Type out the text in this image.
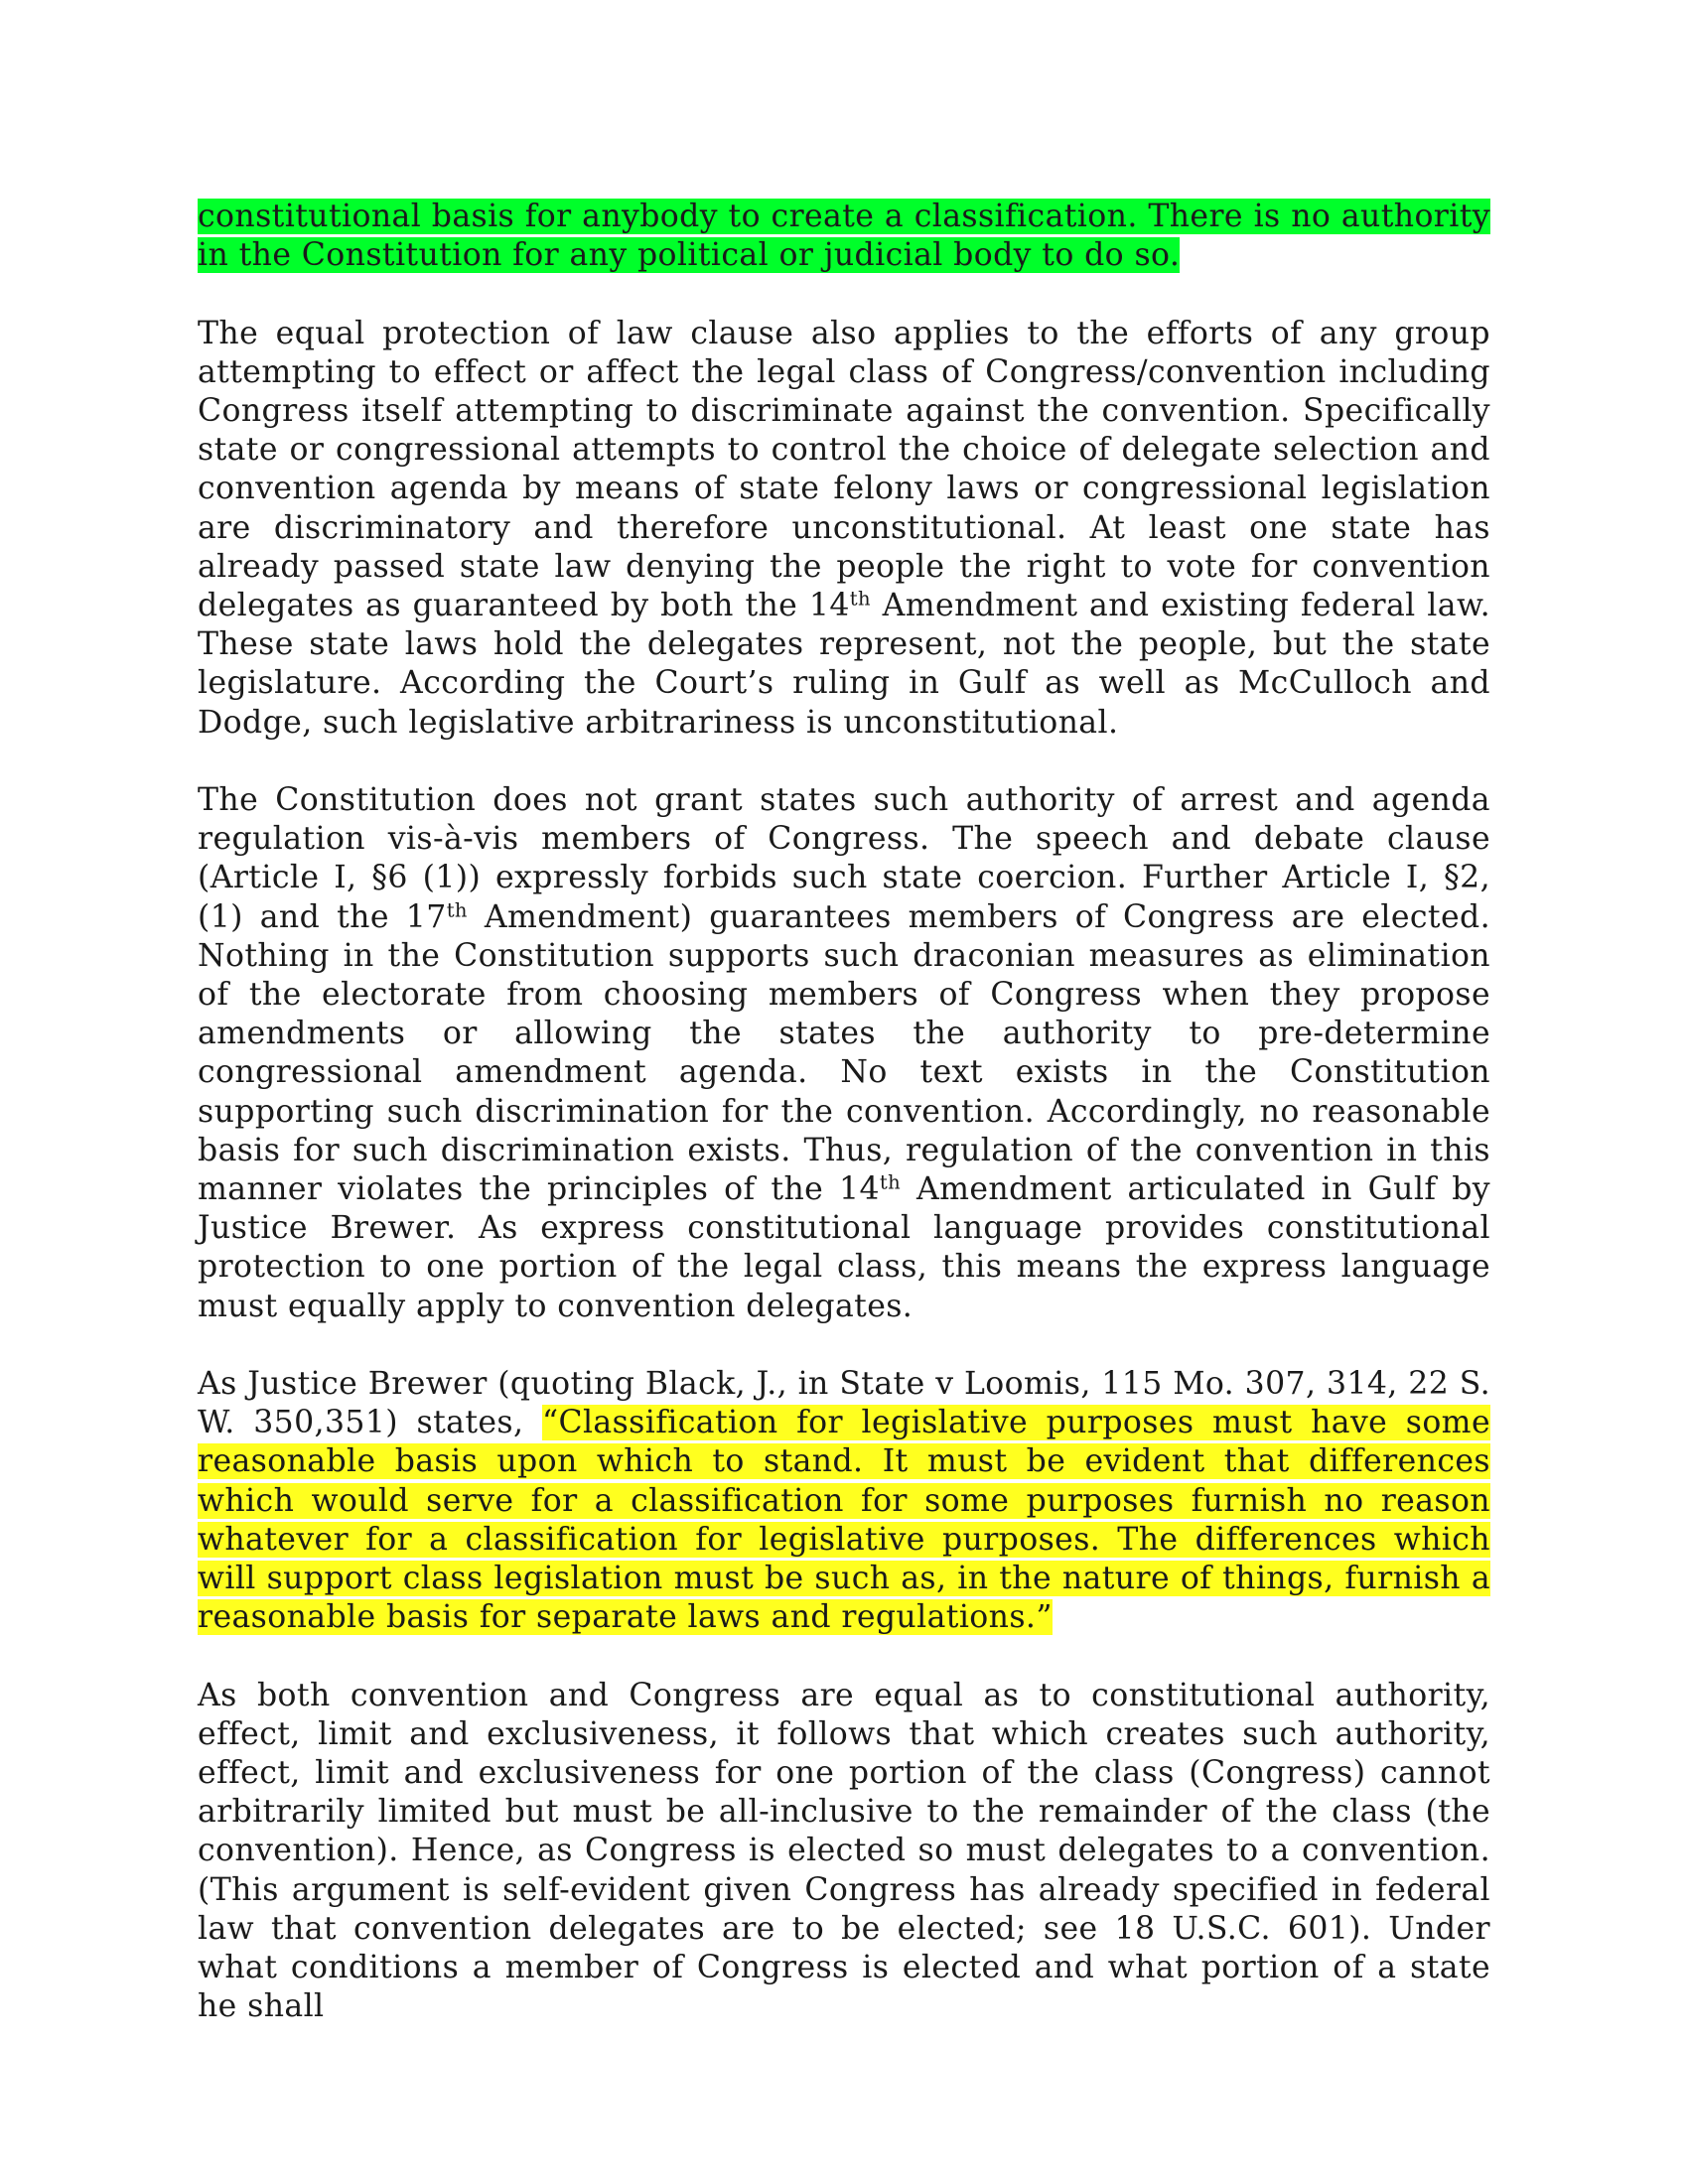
constitutional basis for anybody to create a classification. There is no authority in the Constitution for any political or judicial body to do so.

The equal protection of law clause also applies to the efforts of any group attempting to effect or affect the legal class of Congress/convention including Congress itself attempting to discriminate against the convention. Specifically state or congressional attempts to control the choice of delegate selection and convention agenda by means of state felony laws or congressional legislation are discriminatory and therefore unconstitutional. At least one state has already passed state law denying the people the right to vote for convention delegates as guaranteed by both the 14th Amendment and existing federal law. These state laws hold the delegates represent, not the people, but the state legislature. According the Court’s ruling in Gulf as well as McCulloch and Dodge, such legislative arbitrariness is unconstitutional.

The Constitution does not grant states such authority of arrest and agenda regulation vis-à-vis members of Congress. The speech and debate clause (Article I, §6 (1)) expressly forbids such state coercion. Further Article I, §2, (1) and the 17th Amendment) guarantees members of Congress are elected. Nothing in the Constitution supports such draconian measures as elimination of the electorate from choosing members of Congress when they propose amendments or allowing the states the authority to pre-determine congressional amendment agenda. No text exists in the Constitution supporting such discrimination for the convention. Accordingly, no reasonable basis for such discrimination exists. Thus, regulation of the convention in this manner violates the principles of the 14th Amendment articulated in Gulf by Justice Brewer. As express constitutional language provides constitutional protection to one portion of the legal class, this means the express language must equally apply to convention delegates.

As Justice Brewer (quoting Black, J., in State v Loomis, 115 Mo. 307, 314, 22 S. W. 350,351) states, “Classification for legislative purposes must have some reasonable basis upon which to stand. It must be evident that differences which would serve for a classification for some purposes furnish no reason whatever for a classification for legislative purposes. The differences which will support class legislation must be such as, in the nature of things, furnish a reasonable basis for separate laws and regulations.”

As both convention and Congress are equal as to constitutional authority, effect, limit and exclusiveness, it follows that which creates such authority, effect, limit and exclusiveness for one portion of the class (Congress) cannot arbitrarily limited but must be all-inclusive to the remainder of the class (the convention). Hence, as Congress is elected so must delegates to a convention. (This argument is self-evident given Congress has already specified in federal law that convention delegates are to be elected; see 18 U.S.C. 601). Under what conditions a member of Congress is elected and what portion of a state he shall
